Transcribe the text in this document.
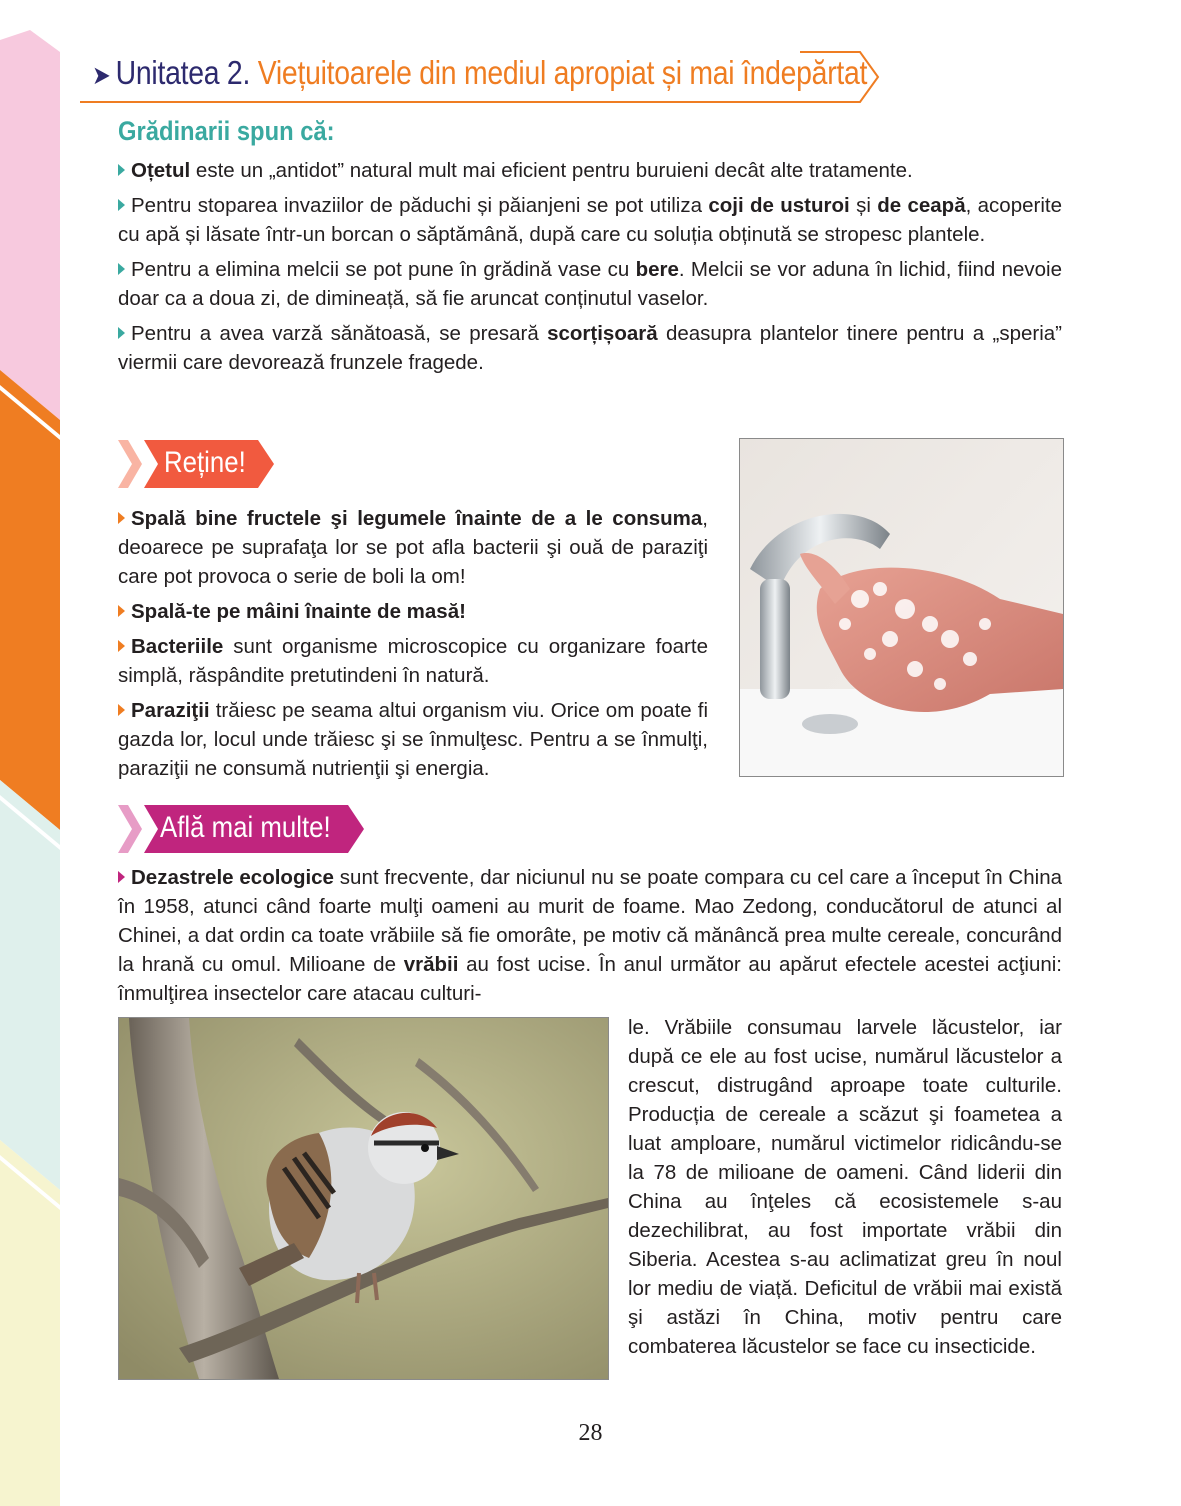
➤ Unitatea 2. Viețuitoarele din mediul apropiat și mai îndepărtat
Grădinarii spun că:

Oțetul este un „antidot” natural mult mai eficient pentru buruieni decât alte tratamente.

Pentru stoparea invaziilor de păduchi și păianjeni se pot utiliza coji de usturoi și de ceapă, acoperite cu apă și lăsate într-un borcan o săptămână, după care cu soluția obținută se stropesc plantele.

Pentru a elimina melcii se pot pune în grădină vase cu bere. Melcii se vor aduna în lichid, fiind nevoie doar ca a doua zi, de dimineață, să fie aruncat conținutul vaselor.

Pentru a avea varză sănătoasă, se presară scorțișoară deasupra plantelor tinere pentru a „speria” viermii care devorează frunzele fragede.

Reține!

Spală bine fructele şi legumele înainte de a le consuma, deoarece pe suprafaţa lor se pot afla bacterii şi ouă de paraziţi care pot provoca o serie de boli la om!

Spală-te pe mâini înainte de masă!

Bacteriile sunt organisme microscopice cu organizare foarte simplă, răspândite pretutindeni în natură.

Paraziţii trăiesc pe seama altui organism viu. Orice om poate fi gazda lor, locul unde trăiesc şi se înmulţesc. Pentru a se înmulţi, paraziţii ne consumă nutrienţii şi energia.

Află mai multe!

Dezastrele ecologice sunt frecvente, dar niciunul nu se poate compara cu cel care a început în China în 1958, atunci când foarte mulţi oameni au murit de foame. Mao Zedong, conducătorul de atunci al Chinei, a dat ordin ca toate vrăbiile să fie omorâte, pe motiv că mănâncă prea multe cereale, concurând la hrană cu omul. Milioane de vrăbii au fost ucise. În anul următor au apărut efectele acestei acţiuni: înmulţirea insectelor care atacau culturi-

le. Vrăbiile consumau larvele lăcustelor, iar după ce ele au fost ucise, numărul lăcustelor a crescut, distrugând aproape toate culturile. Producția de cereale a scăzut şi foametea a luat amploare, numărul victimelor ridicându-se la 78 de milioane de oameni. Când liderii din China au înţeles că ecosistemele s-au dezechilibrat, au fost importate vrăbii din Siberia. Acestea s-au aclimatizat greu în noul lor mediu de viață. Deficitul de vrăbii mai există şi astăzi în China, motiv pentru care combaterea lăcustelor se face cu insecticide.

28
